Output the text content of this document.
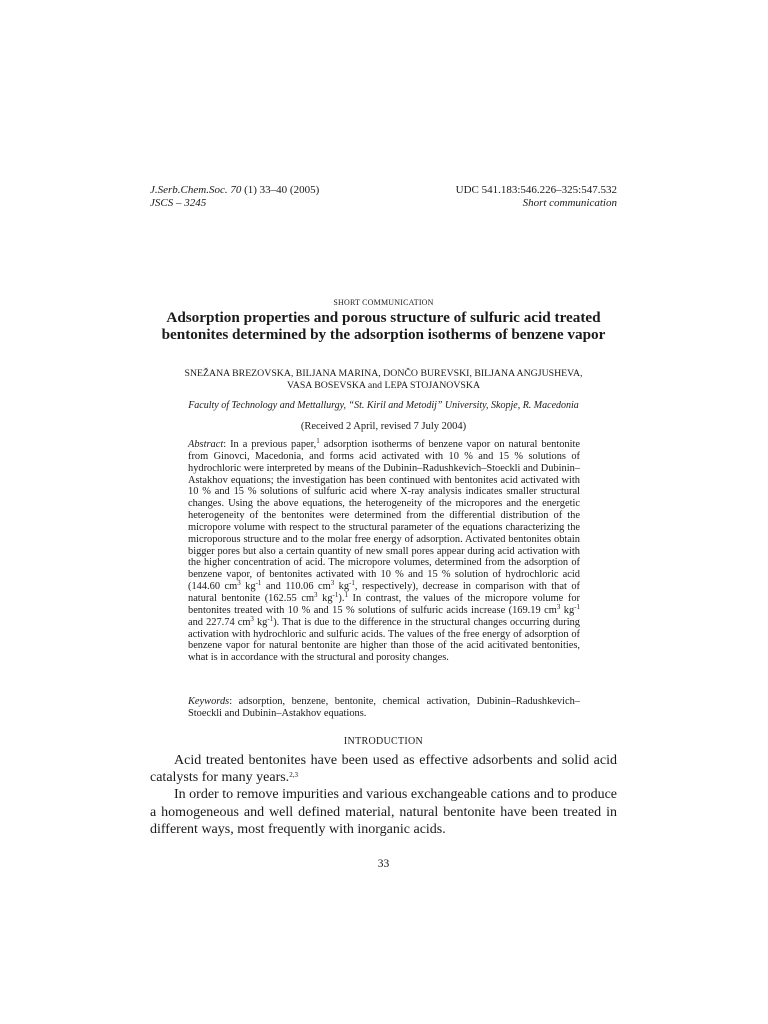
J.Serb.Chem.Soc. 70 (1) 33–40 (2005)
JSCS – 3245
UDC 541.183:546.226–325:547.532
Short communication
SHORT COMMUNICATION
Adsorption properties and porous structure of sulfuric acid treated bentonites determined by the adsorption isotherms of benzene vapor
SNEŽANA BREZOVSKA, BILJANA MARINA, DONČO BUREVSKI, BILJANA ANGJUSHEVA,
VASA BOSEVSKA and LEPA STOJANOVSKA
Faculty of Technology and Mettallurgy, “St. Kiril and Metodij” University, Skopje, R. Macedonia
(Received 2 April, revised 7 July 2004)
Abstract: In a previous paper,$^1$ adsorption isotherms of benzene vapor on natural bentonite from Ginovci, Macedonia, and forms acid activated with 10 % and 15 % solutions of hydrochloric were interpreted by means of the Dubinin–Radushkevich–Stoeckli and Dubinin–Astakhov equations; the investigation has been continued with bentonites acid activated with 10 % and 15 % solutions of sulfuric acid where X-ray analysis indicates smaller structural changes. Using the above equations, the heterogeneity of the micropores and the energetic heterogeneity of the bentonites were determined from the differential distribution of the micropore volume with respect to the structural parameter of the equations characterizing the microporous structure and to the molar free energy of adsorption. Activated bentonites obtain bigger pores but also a certain quantity of new small pores appear during acid activation with the higher concentration of acid. The micropore volumes, determined from the adsorption of benzene vapor, of bentonites activated with 10 % and 15 % solution of hydrochloric acid (144.60 $cm^3$ $kg^{-1}$ and 110.06 $cm^3$ $kg^{-1}$, respectively), decrease in comparison with that of natural bentonite (162.55 $cm^3$ $kg^{-1}).^1$ In contrast, the values of the micropore volume for bentonites treated with 10 % and 15 % solutions of sulfuric acids increase (169.19 $cm^3$ $kg^{-1}$ and 227.74 $cm^3$ $kg^{-1}$). That is due to the difference in the structural changes occurring during activation with hydrochloric and sulfuric acids. The values of the free energy of adsorption of benzene vapor for natural bentonite are higher than those of the acid acitivated bentonities, what is in accordance with the structural and porosity changes.
Keywords: adsorption, benzene, bentonite, chemical activation, Dubinin–Radushkevich–Stoeckli and Dubinin–Astakhov equations.
INTRODUCTION

Acid treated bentonites have been used as effective adsorbents and solid acid catalysts for many years.$^{2,3}$

In order to remove impurities and various exchangeable cations and to produce a homogeneous and well defined material, natural bentonite have been treated in different ways, most frequently with inorganic acids.

33
